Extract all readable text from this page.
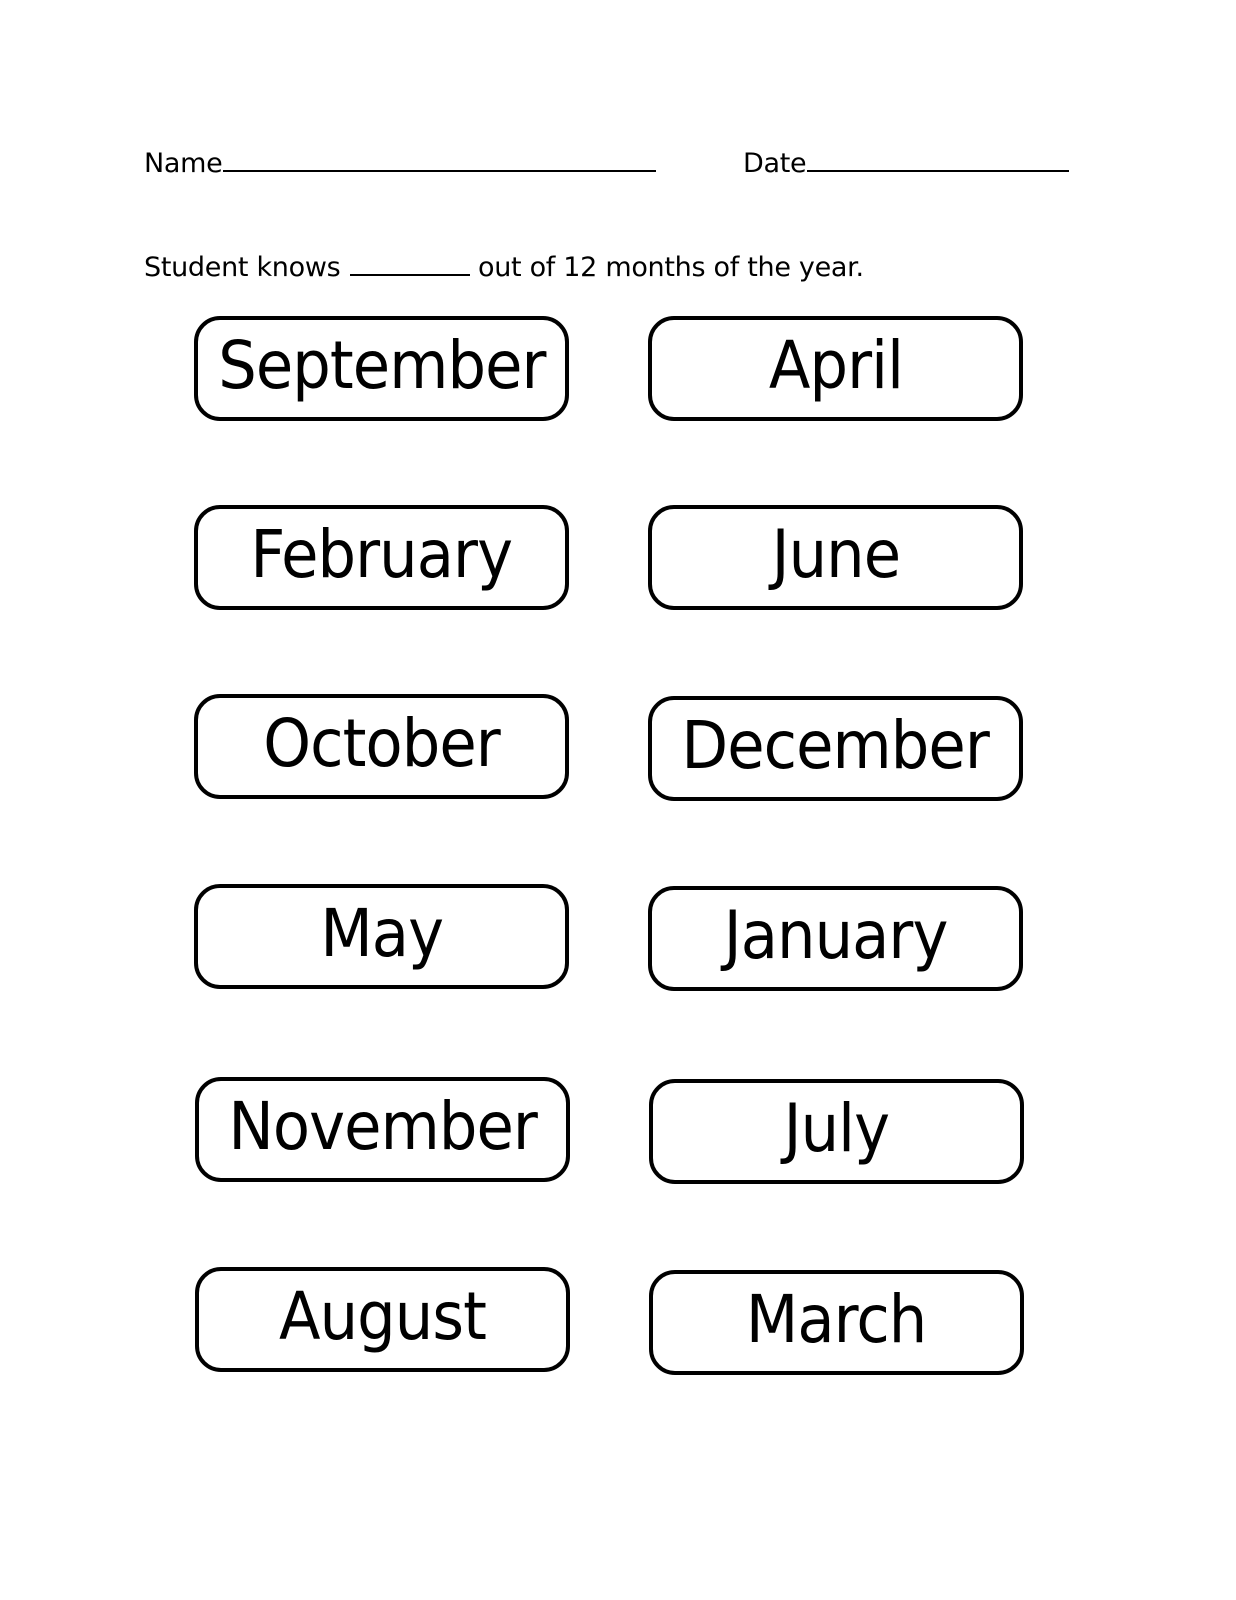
Name	Date
Student knows	out of 12 months of the year.
September
February
October
May
November
August
April
June
December
January
July
March
